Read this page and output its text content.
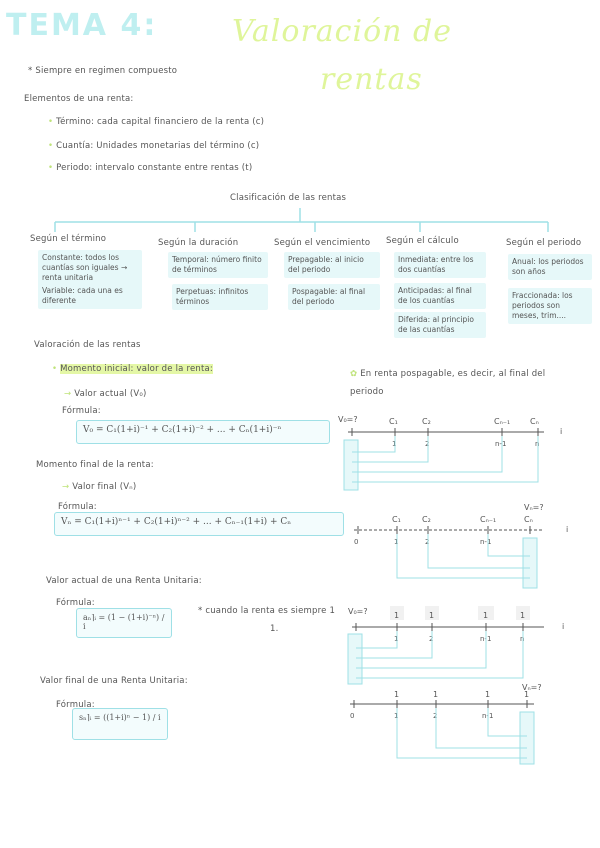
TEMA 4: Valoración de
rentas
* Siempre en regimen compuesto
Elementos de una renta:
• Término: cada capital financiero de la renta (c)
• Cuantía: Unidades monetarias del término (c)
• Periodo: intervalo constante entre rentas (t)
Clasificación de las rentas
Según el término
Constante: todos los cuantías son iguales → renta unitaria
Variable: cada una es diferente
Según la duración
Temporal: número finito de términos
Perpetuas: infinitos términos
Según el vencimiento
Prepagable: al inicio del periodo
Pospagable: al final del periodo
Según el cálculo
Inmediata: entre los dos cuantías
Anticipadas: al final de los cuantías
Diferida: al principio de las cuantías
Según el periodo
Anual: los periodos son años
Fraccionada: los periodos son meses, trim....
Valoración de las rentas
• Momento inicial: valor de la renta:
→ Valor actual (V₀)
Fórmula:
V₀ = C₁(1+i)⁻¹ + C₂(1+i)⁻² + ... + Cₙ(1+i)⁻ⁿ
✿ En renta pospagable, es decir, al final del periodo
Momento final de la renta:
→ Valor final (Vₙ)
Fórmula:
Vₙ = C₁(1+i)ⁿ⁻¹ + C₂(1+i)ⁿ⁻² + ... + Cₙ₋₁(1+i) + Cₙ
Valor actual de una Renta Unitaria:
Fórmula:
aₙ⌉ᵢ = (1 − (1+i)⁻ⁿ) / i
* cuando la renta es siempre 1
1.
Valor final de una Renta Unitaria:
Fórmula:
sₙ⌉ᵢ = ((1+i)ⁿ − 1) / i
V₀=?	C₁	C₂	Cₙ₋₁ Cₙ
1	2	n-1	n
i
Vₙ=?
C₁	C₂	Cₙ₋₁	Cₙ
0	1	2	n-1
i
V₀=?	1	1	1	1
1	2	n-1	n
i
Vₙ=?
1	1	1	1
0	1	2	n-1
